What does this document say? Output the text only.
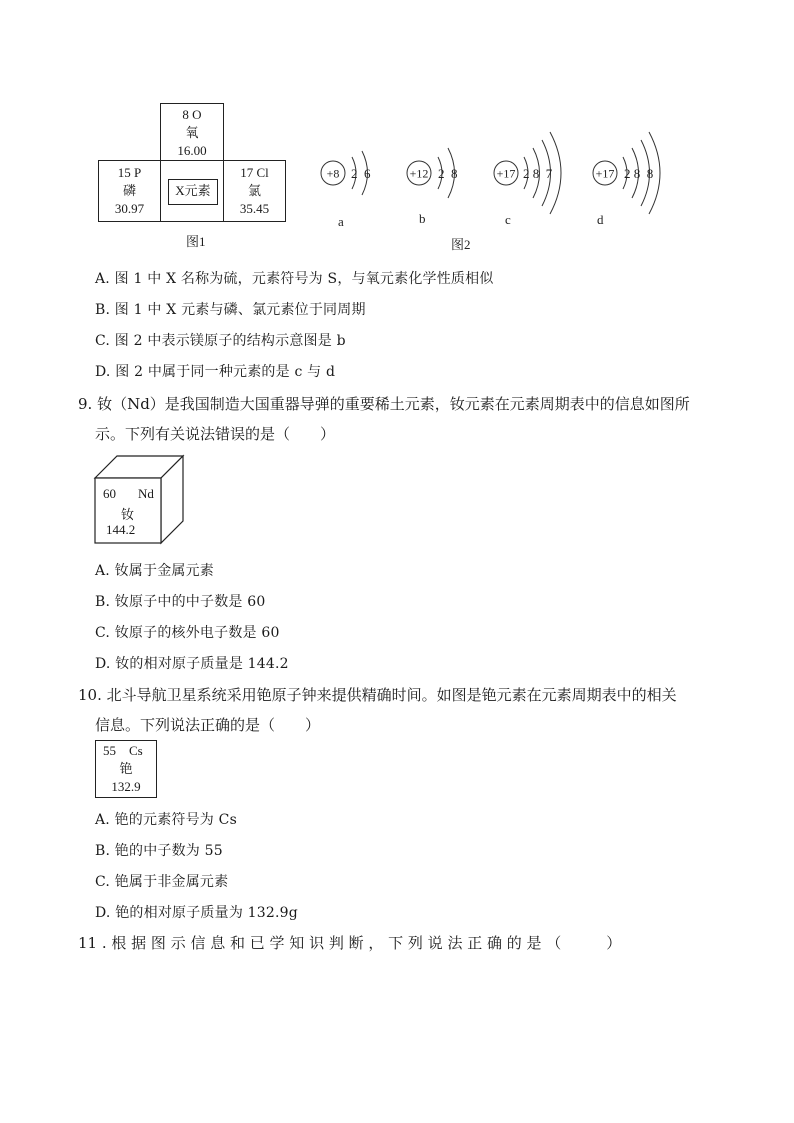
8 O
氧
16.00
15 P
磷
30.97
X元素
17 Cl
氯
35.45
图1
+8 2  6
a
+12 2  8
b
+17 2 8  7
c
+17 2 8  8
d
图2
A. 图 1 中 X 名称为硫，元素符号为 S，与氧元素化学性质相似
B. 图 1 中 X 元素与磷、氯元素位于同周期
C. 图 2 中表示镁原子的结构示意图是 b
D. 图 2 中属于同一种元素的是 c 与 d
9. 钕（Nd）是我国制造大国重器导弹的重要稀土元素，钕元素在元素周期表中的信息如图所
示。下列有关说法错误的是（　　）
60 Nd
钕
144.2
A. 钕属于金属元素
B. 钕原子中的中子数是 60
C. 钕原子的核外电子数是 60
D. 钕的相对原子质量是 144.2
10. 北斗导航卫星系统采用铯原子钟来提供精确时间。如图是铯元素在元素周期表中的相关
信息。下列说法正确的是（　　）
55 Cs
铯
132.9
A. 铯的元素符号为 Cs
B. 铯的中子数为 55
C. 铯属于非金属元素
D. 铯的相对原子质量为 132.9g
11 . 根 据 图 示 信 息 和 已 学 知 识 判 断 ， 下 列 说 法 正 确 的 是 （　　　）
